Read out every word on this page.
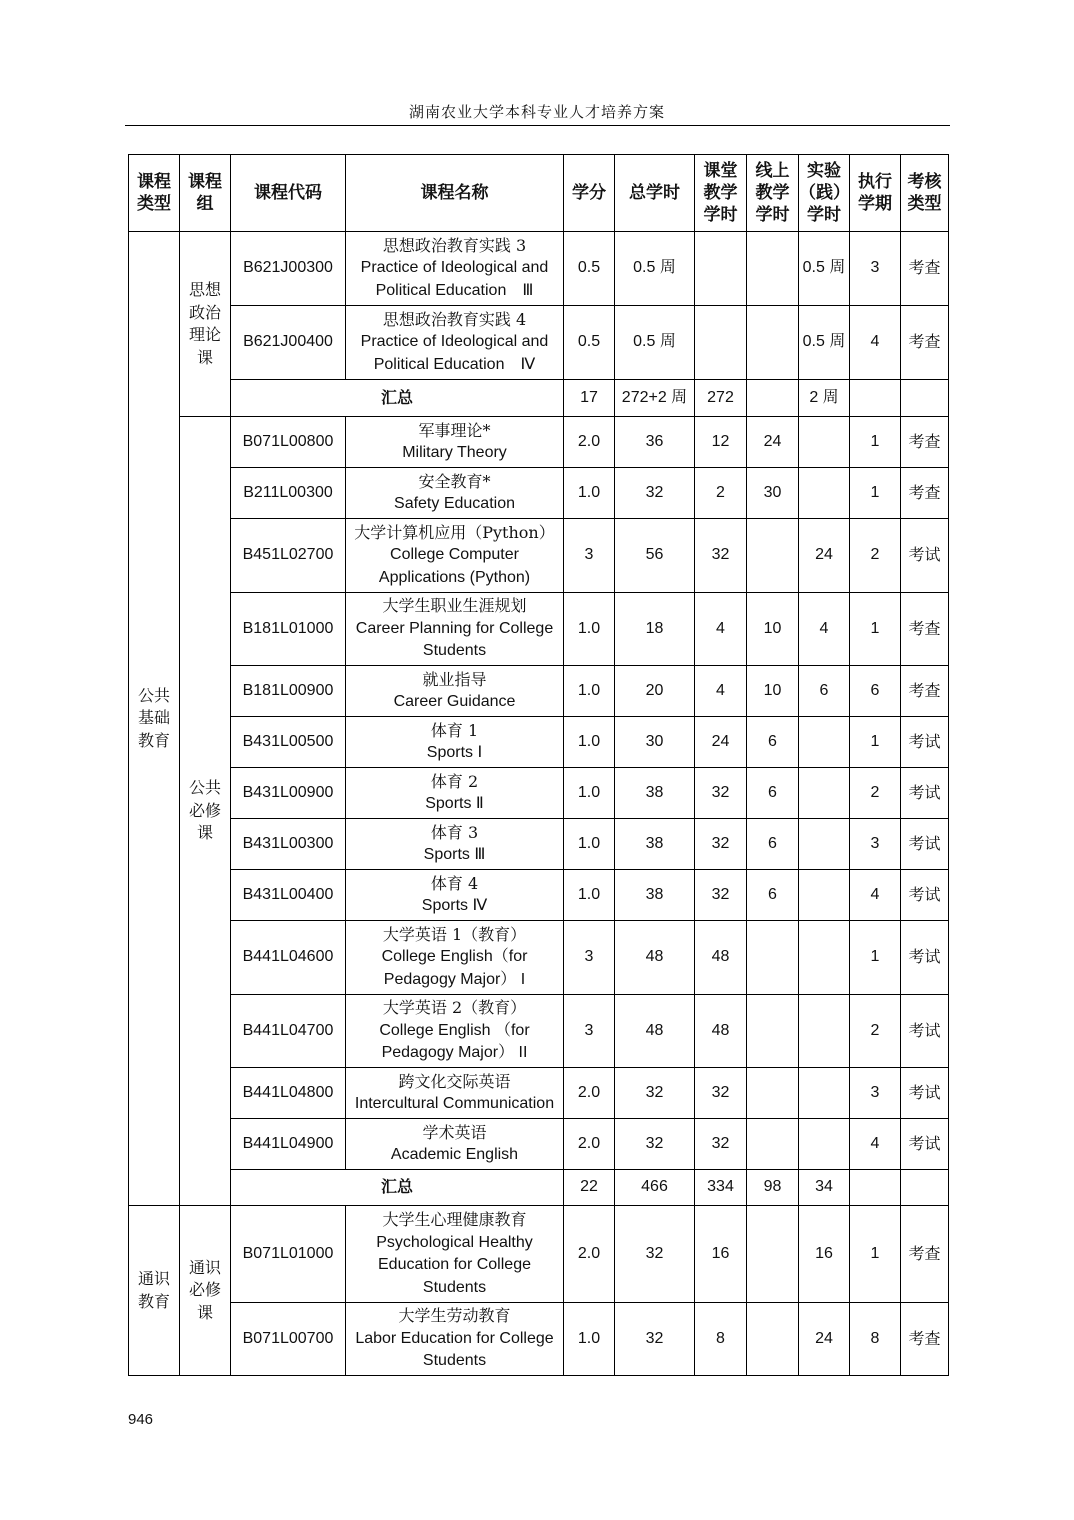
湖南农业大学本科专业人才培养方案
课程
类型	课程
组	课程代码	课程名称	学分	总学时	课堂
教学
学时	线上
教学
学时	实验
（践）
学时	执行
学期	考核
类型

公共
基础
教育	思想
政治
理论
课	B621J00300	思想政治教育实践 3
Practice of Ideological and
Political Education　Ⅲ	0.5	0.5 周			0.5 周	3	考查
		B621J00400	思想政治教育实践 4
Practice of Ideological and
Political Education　Ⅳ	0.5	0.5 周			0.5 周	4	考查
		汇总		17	272+2 周	272		2 周		

	公共
必修
课	B071L00800	军事理论*
Military Theory	2.0	36	12	24		1	考查
		B211L00300	安全教育*
Safety Education	1.0	32	2	30		1	考查
		B451L02700	大学计算机应用（Python）
College Computer
Applications (Python)	3	56	32		24	2	考试
		B181L01000	大学生职业生涯规划
Career Planning for College
Students	1.0	18	4	10	4	1	考查
		B181L00900	就业指导
Career Guidance	1.0	20	4	10	6	6	考查
		B431L00500	体育 1
Sports Ⅰ	1.0	30	24	6		1	考试
		B431L00900	体育 2
Sports Ⅱ	1.0	38	32	6		2	考试
		B431L00300	体育 3
Sports Ⅲ	1.0	38	32	6		3	考试
		B431L00400	体育 4
Sports Ⅳ	1.0	38	32	6		4	考试
		B441L04600	大学英语 1（教育）
College English（for
Pedagogy Major） I	3	48	48			1	考试
		B441L04700	大学英语 2（教育）
College English （for
Pedagogy Major） II	3	48	48			2	考试
		B441L04800	跨文化交际英语
Intercultural Communication	2.0	32	32			3	考试
		B441L04900	学术英语
Academic English	2.0	32	32			4	考试
		汇总		22	466	334	98	34		

通识
教育	通识
必修
课	B071L01000	大学生心理健康教育
Psychological Healthy
Education for College
Students	2.0	32	16		16	1	考查
		B071L00700	大学生劳动教育
Labor Education for College
Students	1.0	32	8		24	8	考查
946
